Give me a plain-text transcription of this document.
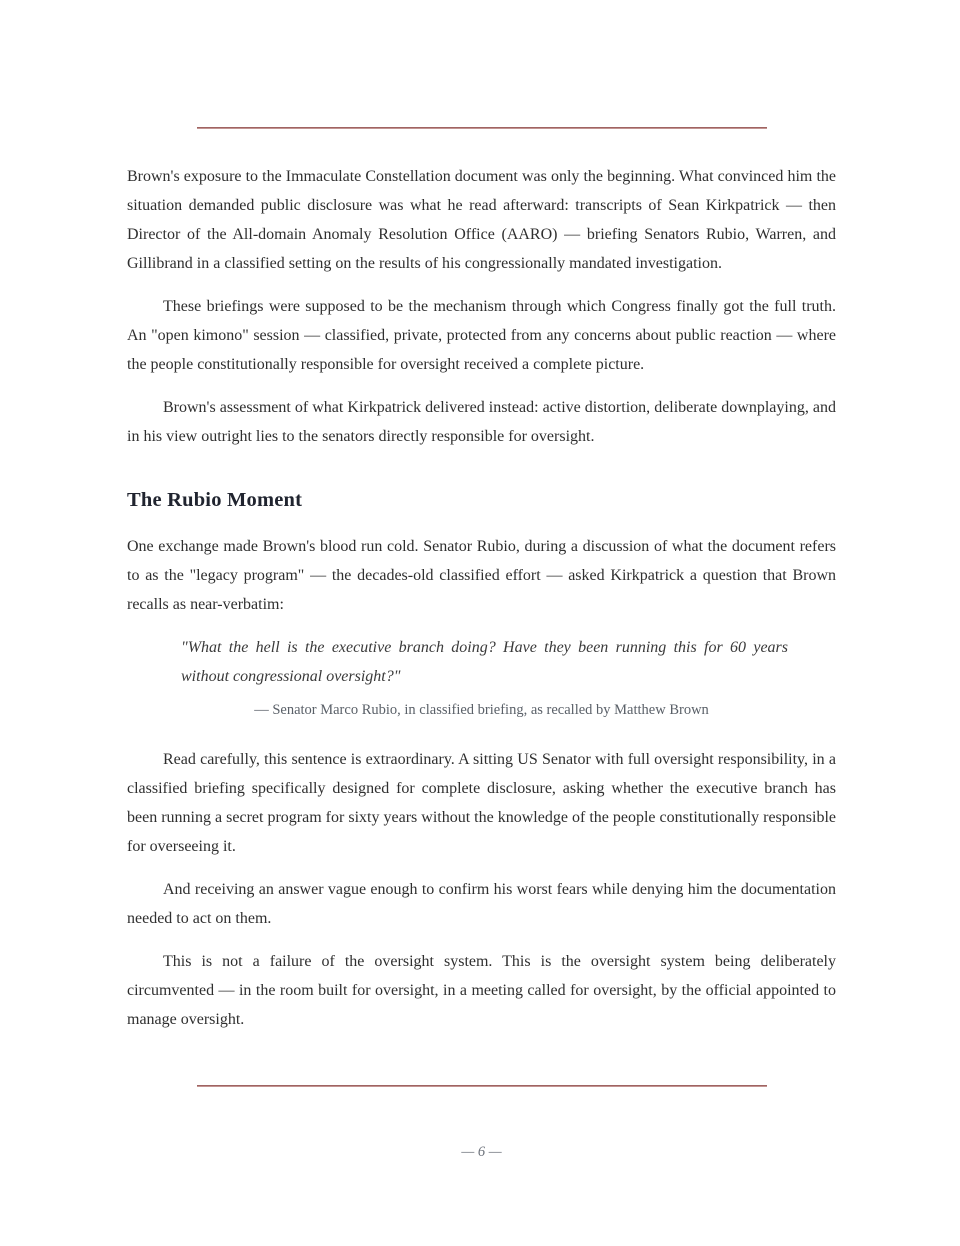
Brown's exposure to the Immaculate Constellation document was only the beginning. What convinced him the situation demanded public disclosure was what he read afterward: transcripts of Sean Kirkpatrick — then Director of the All-domain Anomaly Resolution Office (AARO) — briefing Senators Rubio, Warren, and Gillibrand in a classified setting on the results of his congressionally mandated investigation.

These briefings were supposed to be the mechanism through which Congress finally got the full truth. An "open kimono" session — classified, private, protected from any concerns about public reaction — where the people constitutionally responsible for oversight received a complete picture.

Brown's assessment of what Kirkpatrick delivered instead: active distortion, deliberate downplaying, and in his view outright lies to the senators directly responsible for oversight.

The Rubio Moment

One exchange made Brown's blood run cold. Senator Rubio, during a discussion of what the document refers to as the "legacy program" — the decades-old classified effort — asked Kirkpatrick a question that Brown recalls as near-verbatim:

"What the hell is the executive branch doing? Have they been running this for 60 years without congressional oversight?"
— Senator Marco Rubio, in classified briefing, as recalled by Matthew Brown

Read carefully, this sentence is extraordinary. A sitting US Senator with full oversight responsibility, in a classified briefing specifically designed for complete disclosure, asking whether the executive branch has been running a secret program for sixty years without the knowledge of the people constitutionally responsible for overseeing it.

And receiving an answer vague enough to confirm his worst fears while denying him the documentation needed to act on them.

This is not a failure of the oversight system. This is the oversight system being deliberately circumvented — in the room built for oversight, in a meeting called for oversight, by the official appointed to manage oversight.

— 6 —
